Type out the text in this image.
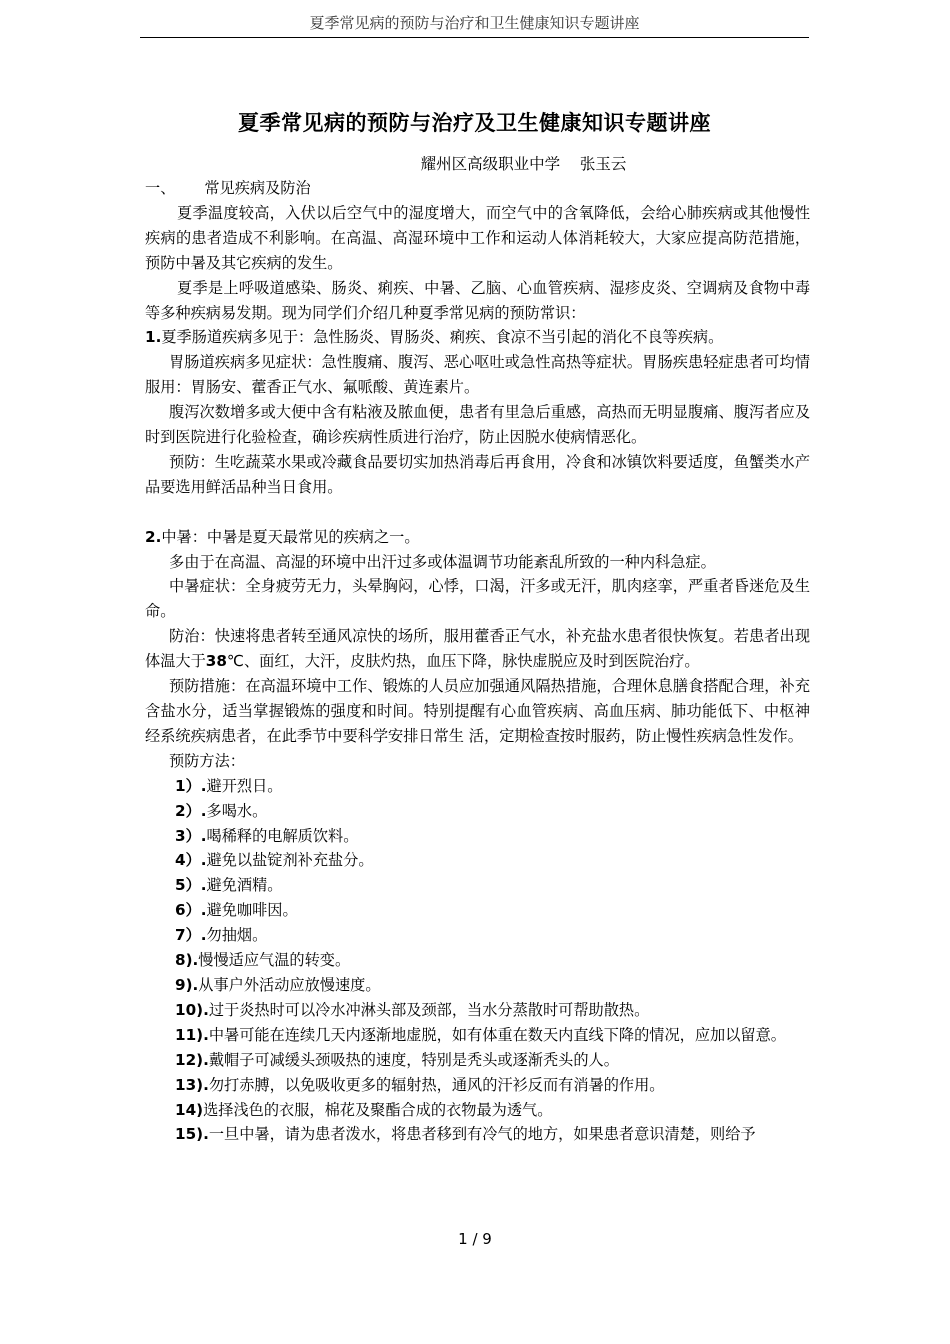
夏季常见病的预防与治疗和卫生健康知识专题讲座
夏季常见病的预防与治疗及卫生健康知识专题讲座
耀州区高级职业中学    张玉云

一、      常见疾病及防治

夏季温度较高，入伏以后空气中的湿度增大，而空气中的含氧降低，会给心肺疾病或其他慢性疾病的患者造成不利影响。在高温、高湿环境中工作和运动人体消耗较大，大家应提高防范措施，预防中暑及其它疾病的发生。

夏季是上呼吸道感染、肠炎、痢疾、中暑、乙脑、心血管疾病、湿疹皮炎、空调病及食物中毒等多种疾病易发期。现为同学们介绍几种夏季常见病的预防常识：

1.夏季肠道疾病多见于：急性肠炎、胃肠炎、痢疾、食凉不当引起的消化不良等疾病。

胃肠道疾病多见症状：急性腹痛、腹泻、恶心呕吐或急性高热等症状。胃肠疾患轻症患者可均情服用：胃肠安、藿香正气水、氟哌酸、黄连素片。

腹泻次数增多或大便中含有粘液及脓血便，患者有里急后重感，高热而无明显腹痛、腹泻者应及时到医院进行化验检查，确诊疾病性质进行治疗，防止因脱水使病情恶化。

预防：生吃蔬菜水果或冷藏食品要切实加热消毒后再食用，冷食和冰镇饮料要适度，鱼蟹类水产品要选用鲜活品种当日食用。

2.中暑：中暑是夏天最常见的疾病之一。

多由于在高温、高湿的环境中出汗过多或体温调节功能紊乱所致的一种内科急症。

中暑症状：全身疲劳无力，头晕胸闷，心悸，口渴，汗多或无汗，肌肉痉挛，严重者昏迷危及生命。

防治：快速将患者转至通风凉快的场所，服用藿香正气水，补充盐水患者很快恢复。若患者出现体温大于38℃、面红，大汗，皮肤灼热，血压下降，脉快虚脱应及时到医院治疗。

预防措施：在高温环境中工作、锻炼的人员应加强通风隔热措施，合理休息膳食搭配合理，补充含盐水分，适当掌握锻炼的强度和时间。特别提醒有心血管疾病、高血压病、肺功能低下、中枢神经系统疾病患者，在此季节中要科学安排日常生 活，定期检查按时服药，防止慢性疾病急性发作。

预防方法：

1）.避开烈日。

2）.多喝水。

3）.喝稀释的电解质饮料。

4）.避免以盐锭剂补充盐分。

5）.避免酒精。

6）.避免咖啡因。

7）.勿抽烟。

8).慢慢适应气温的转变。

9).从事户外活动应放慢速度。

10).过于炎热时可以冷水冲淋头部及颈部，当水分蒸散时可帮助散热。

11).中暑可能在连续几天内逐渐地虚脱，如有体重在数天内直线下降的情况，应加以留意。

12).戴帽子可减缓头颈吸热的速度，特别是秃头或逐渐秃头的人。

13).勿打赤膊，以免吸收更多的辐射热，通风的汗衫反而有消暑的作用。

14)选择浅色的衣服，棉花及聚酯合成的衣物最为透气。

15).一旦中暑，请为患者泼水，将患者移到有冷气的地方，如果患者意识清楚，则给予

1 / 9
